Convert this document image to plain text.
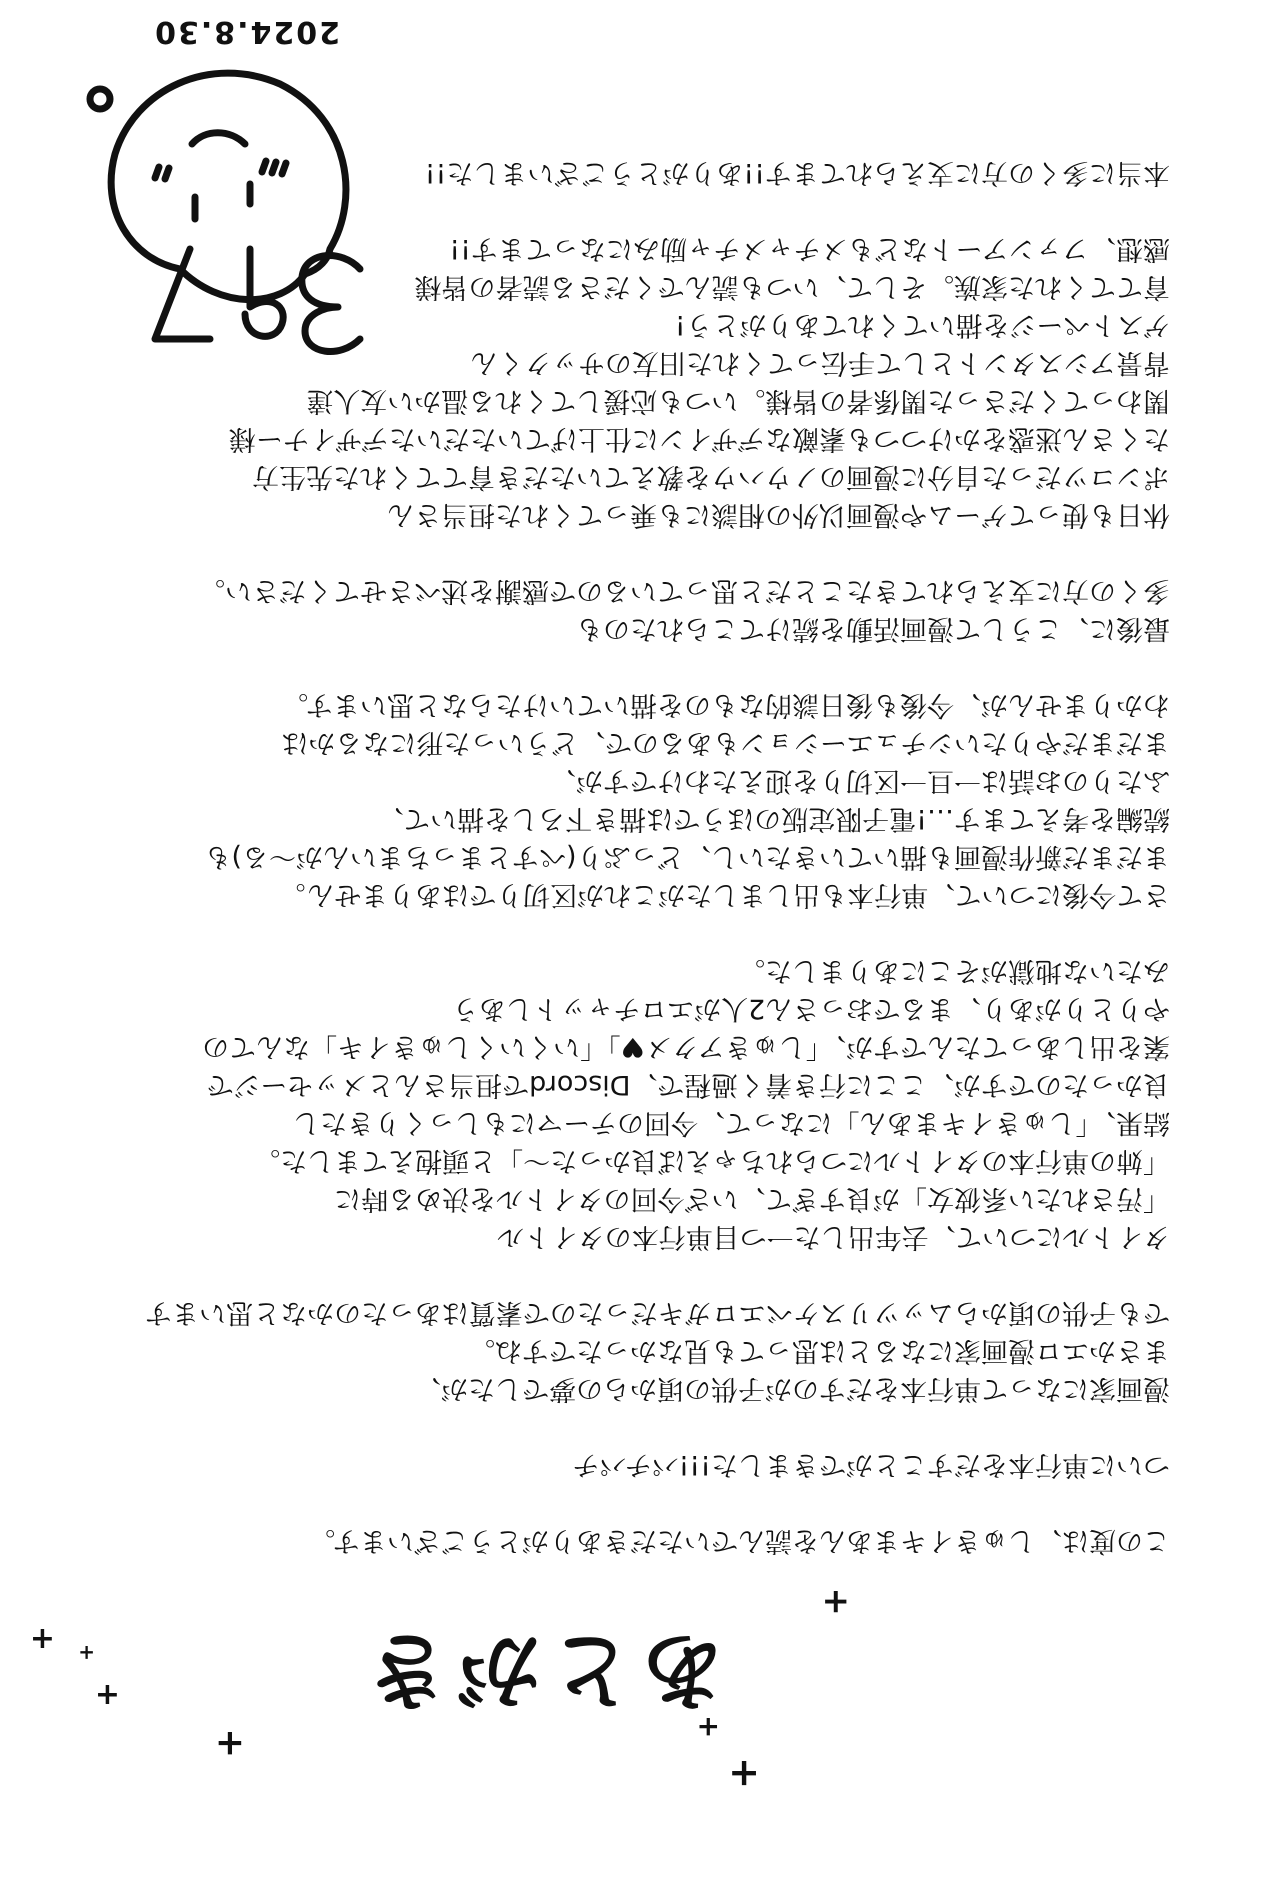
あとがき
+
+
+
+
+
+
+
この度は、しゅきイキまあんを読んでいただきありがとうございます。
ついに単行本をだすことができました!!!パチパチ
漫画家になって単行本をだすのが子供の頃からの夢でしたが、
まさかエロ漫画家になるとは思っても見なかったですね。
でも子供の頃からムッツリスケベエロガキだったので素質はあったのかなと思います
タイトルについて、去年出した一つ目単行本のタイトル
「汚されたい系彼女」が良すぎて、いざ今回のタイトルを決める時に
「姉の単行本のタイトルにつられちゃえば良かった〜」と頭抱えてました。
結果、「しゅきイキまあん」になって、今回のテーマにもしっくりきたし
良かったのですが、ここに行き着く過程で、Discordで担当さんとメッセージで
案を出しあってたんですが、「しゅきアクメ♥」「いくいくしゅきイキ」なんての
やりとりがあり、まるでおっさん2人がエロチャットしあう
みたいな地獄がそこにありました。
さて今後について、単行本も出しましたがこれが区切りではありません。
まだまだ新作漫画も描いていきたいし、どっぷり(ぺすとまっちまいんが〜る)も
続編を考えてます…!電子限定版のほうでは描き下ろしを描いて、
ふたりのお話は一旦一区切りを迎えたわけですが、
まだまだやりたいシチュエーションもあるので、どういった形になるかは
わかりませんが、今後も後日談的なものを描いていけたらなと思います。
最後に、こうして漫画活動を続けてこられたのも
多くの方に支えられてきたことだと思っているので感謝を述べさせてください。
休日も使ってゲームや漫画以外の相談にも乗ってくれた担当さん
ポンコツだった自分に漫画のノウハウを教えていただき育ててくれた先生方
たくさん迷惑をかけつつも素敵なデザインに仕上げていただいたデザイナー様
関わってくださった関係者の皆様。いつも応援してくれる温かい友人達
背景アシスタントとして手伝ってくれた旧友のサックくん
ゲストページを描いてくれてありがとう!
育ててくれた家族。そして、いつも読んでくださる読者の皆様
感想、ファンアートなどもメチャメチャ励みになってます!!
本当に多くの方に支えられてます!!ありがとうございました!!
397
2024.8.30
